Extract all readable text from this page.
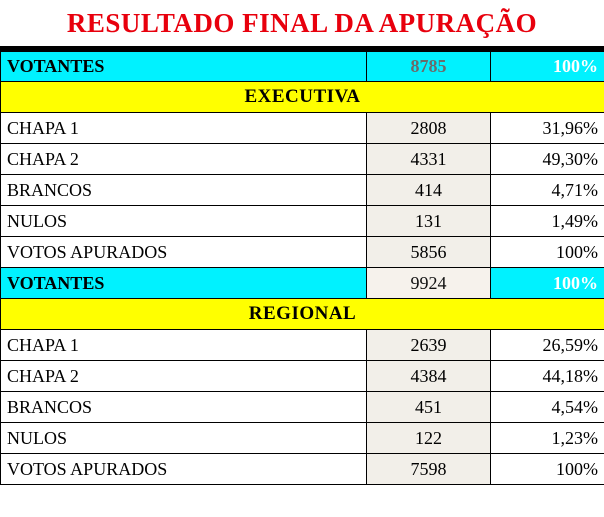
RESULTADO FINAL DA APURAÇÃO
VOTANTES	8785	100%
EXECUTIVA		
CHAPA 1	2808	31,96%
CHAPA 2	4331	49,30%
BRANCOS	414	4,71%
NULOS	131	1,49%
VOTOS APURADOS	5856	100%
VOTANTES	9924	100%
REGIONAL		
CHAPA 1	2639	26,59%
CHAPA 2	4384	44,18%
BRANCOS	451	4,54%
NULOS	122	1,23%
VOTOS APURADOS	7598	100%
